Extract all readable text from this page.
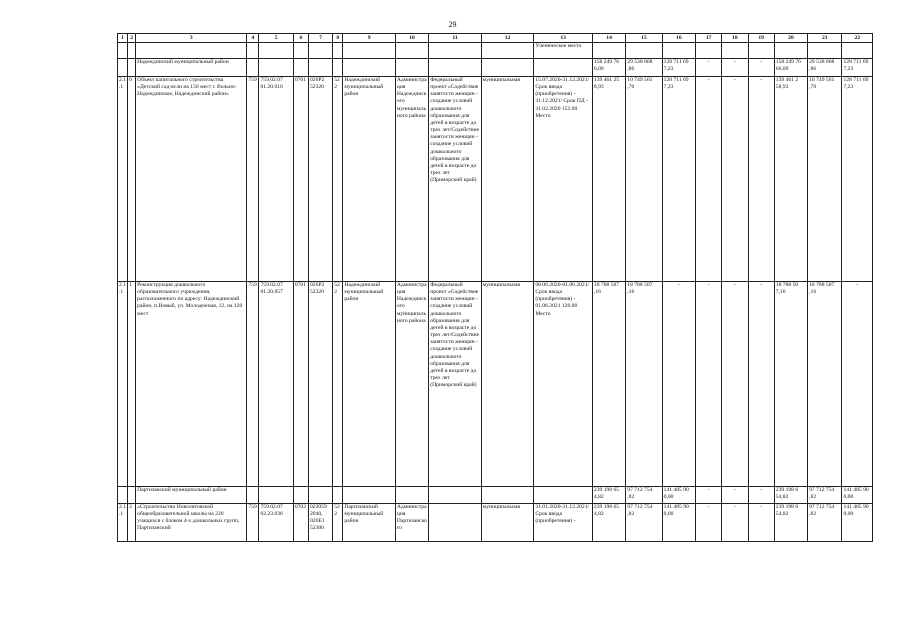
29
1	2	3	4	5	6	7	8	9	10	11	12	13	14	15	16	17	18	19	20	21	22
												Ученическое место									
		Надеждинский муниципальный район											158 249 76 6,09	29 538 068 ,86	128 711 69 7,23	-	-	-	158 249 76 66,09	29 538 068 ,86	128 711 69 7,23
2.1.1	0	Объект капитального строительства «Детский сад-ясли на 150 мест г. Вольно-Надеждинское, Надеждинский район»	759	759.02.07 01.20.010	0701	026P2 52320	522	Надеждинский муниципальный район	Администрация Надеждинского муниципального района	Федеральный проект «Содействие занятости женщин - создание условий дошкольного образования для детей в возрасте до трех лет/Содействие занятости женщин - создание условий дошкольного образования для детей в возрасте до трех лет (Приморский край)	муниципальная	15.07.2020-31.12.2021/ Срок ввода (приобретения) - 31.12.2021/ Срок ПД - 31.02.2020 152.00 Место	139 461 25 8,93	10 749 561 ,70	128 711 69 7,23	-	-	-	139 461 2 58,93	10 749 561 ,70	128 711 69 7,23
2.1.1	1	Реконструкция дошкольного образовательного учреждения, расположенного по адресу: Надеждинский район, п.Новый, ул. Молодежная, 12, на 120 мест	759	759.02.07 01.20.057	0701	026P2 52320	522	Надеждинский муниципальный район	Администрация Надеждинского муниципального района	Федеральный проект «Содействие занятости женщин - создание условий дошкольного образования для детей в возрасте до трех лет/Содействие занятости женщин - создание условий дошкольного образования для детей в возрасте до трех лет (Приморский край)	муниципальная	08.06.2020-01.06.2021/ Срок ввода (приобретения) - 01.06.2021 120.00 Место	18 788 507 ,16	18 788 507 ,16	-	-	-	-	18 788 50 7,16	18 788 507 ,16	-
		Партизанский муниципальный район											239 198 65 4,82	97 712 754 ,82	141 485 90 0,00	-	-	-	239 198 6 54,82	97 712 754 ,82	141 485 90 0,00
2.1.1	2	«Строительство Новолитовской общеобразовательной школы на 220 учащихся с блоком 4-х дошкольных групп, Партизанский	759	759.02.07 02.23.036	0702	022059 2040, 026E1 52300	522	Партизанский муниципальный район	Администрация Партизанского		муниципальная	31.01.2020-31.12.2021/ Срок ввода (приобретения) -	239 198 65 4,82	97 712 754 ,82	141 485 90 0,00	-	-	-	239 198 6 54,82	97 712 754 ,82	141 485 90 0,00
